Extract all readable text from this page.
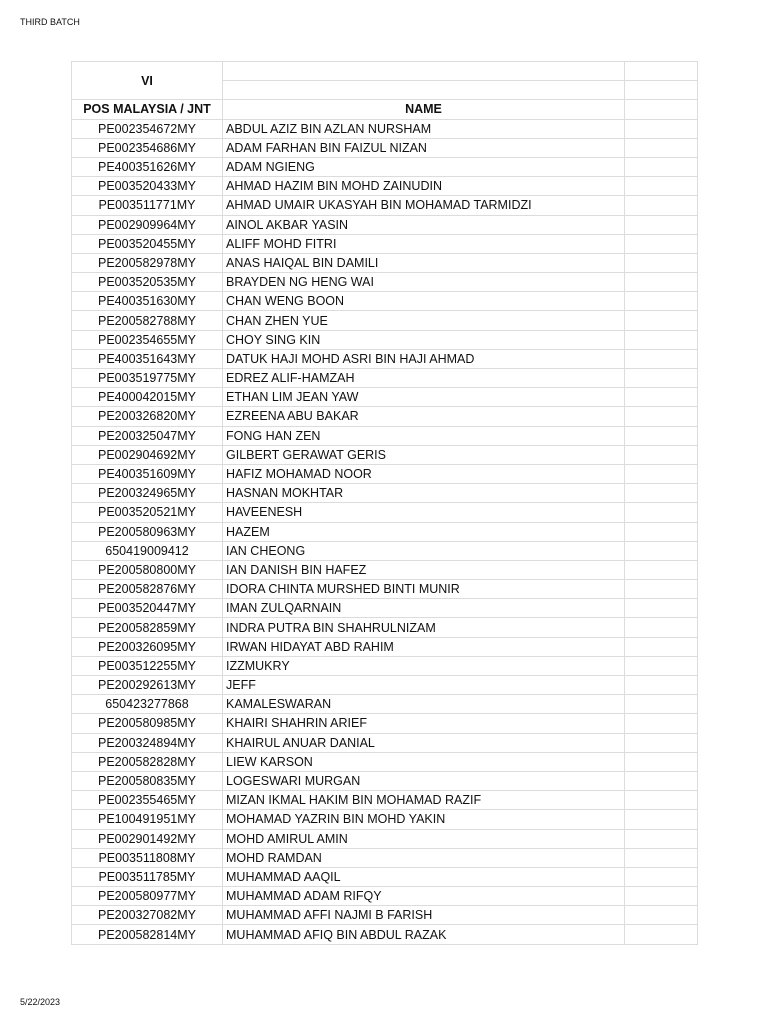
THIRD BATCH
VI		

POS MALAYSIA / JNT	NAME	
PE002354672MY	ABDUL AZIZ BIN AZLAN NURSHAM	
PE002354686MY	ADAM FARHAN BIN FAIZUL NIZAN	
PE400351626MY	ADAM NGIENG	
PE003520433MY	AHMAD HAZIM BIN MOHD ZAINUDIN	
PE003511771MY	AHMAD UMAIR UKASYAH BIN MOHAMAD TARMIDZI	
PE002909964MY	AINOL AKBAR YASIN	
PE003520455MY	ALIFF MOHD FITRI	
PE200582978MY	ANAS HAIQAL BIN DAMILI	
PE003520535MY	BRAYDEN NG HENG WAI	
PE400351630MY	CHAN WENG BOON	
PE200582788MY	CHAN ZHEN YUE	
PE002354655MY	CHOY SING KIN	
PE400351643MY	DATUK HAJI MOHD ASRI BIN HAJI AHMAD	
PE003519775MY	EDREZ ALIF-HAMZAH	
PE400042015MY	ETHAN LIM JEAN YAW	
PE200326820MY	EZREENA ABU BAKAR	
PE200325047MY	FONG HAN ZEN	
PE002904692MY	GILBERT GERAWAT GERIS	
PE400351609MY	HAFIZ MOHAMAD NOOR	
PE200324965MY	HASNAN MOKHTAR	
PE003520521MY	HAVEENESH	
PE200580963MY	HAZEM	
650419009412	IAN CHEONG	
PE200580800MY	IAN DANISH BIN HAFEZ	
PE200582876MY	IDORA CHINTA MURSHED BINTI MUNIR	
PE003520447MY	IMAN ZULQARNAIN	
PE200582859MY	INDRA PUTRA BIN SHAHRULNIZAM	
PE200326095MY	IRWAN HIDAYAT ABD RAHIM	
PE003512255MY	IZZMUKRY	
PE200292613MY	JEFF	
650423277868	KAMALESWARAN	
PE200580985MY	KHAIRI SHAHRIN ARIEF	
PE200324894MY	KHAIRUL ANUAR DANIAL	
PE200582828MY	LIEW KARSON	
PE200580835MY	LOGESWARI MURGAN	
PE002355465MY	MIZAN IKMAL HAKIM BIN MOHAMAD RAZIF	
PE100491951MY	MOHAMAD YAZRIN BIN MOHD YAKIN	
PE002901492MY	MOHD AMIRUL AMIN	
PE003511808MY	MOHD RAMDAN	
PE003511785MY	MUHAMMAD AAQIL	
PE200580977MY	MUHAMMAD ADAM RIFQY	
PE200327082MY	MUHAMMAD AFFI NAJMI B FARISH	
PE200582814MY	MUHAMMAD AFIQ BIN ABDUL RAZAK	
5/22/2023
